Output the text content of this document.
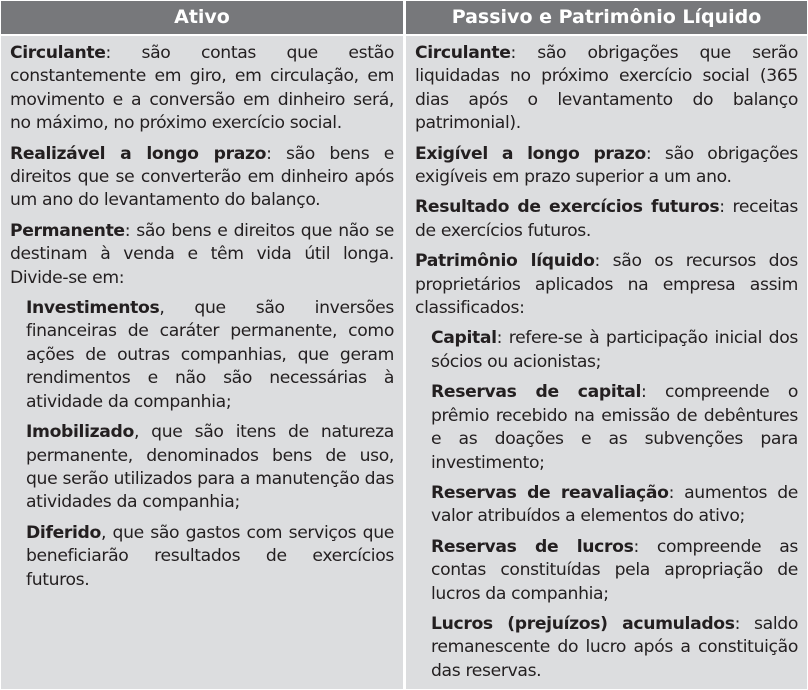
Ativo	Passivo e Patrimônio Líquido

Circulante: são contas que estão constantemente em giro, em circulação, em movimento e a conversão em dinheiro será, no máximo, no próximo exercício social.

Realizável a longo prazo: são bens e direitos que se converterão em dinheiro após um ano do levantamento do balanço.

Permanente: são bens e direitos que não se destinam à venda e têm vida útil longa. Divide-se em:

Investimentos, que são inversões financeiras de caráter permanente, como ações de outras companhias, que geram rendimentos e não são necessárias à atividade da companhia;

Imobilizado, que são itens de natureza permanente, denominados bens de uso, que serão utilizados para a manutenção das atividades da companhia;

Diferido, que são gastos com serviços que beneficiarão resultados de exercícios futuros.

Circulante: são obrigações que serão liquidadas no próximo exercício social (365 dias após o levantamento do balanço patrimonial).

Exigível a longo prazo: são obrigações exigíveis em prazo superior a um ano.

Resultado de exercícios futuros: receitas de exercícios futuros.

Patrimônio líquido: são os recursos dos proprietários aplicados na empresa assim classificados:

Capital: refere-se à participação inicial dos sócios ou acionistas;

Reservas de capital: compreende o prêmio recebido na emissão de debêntures e as doações e as subvenções para investimento;

Reservas de reavaliação: aumentos de valor atribuídos a elementos do ativo;

Reservas de lucros: compreende as contas constituídas pela apropriação de lucros da companhia;

Lucros (prejuízos) acumulados: saldo remanescente do lucro após a constituição das reservas.
